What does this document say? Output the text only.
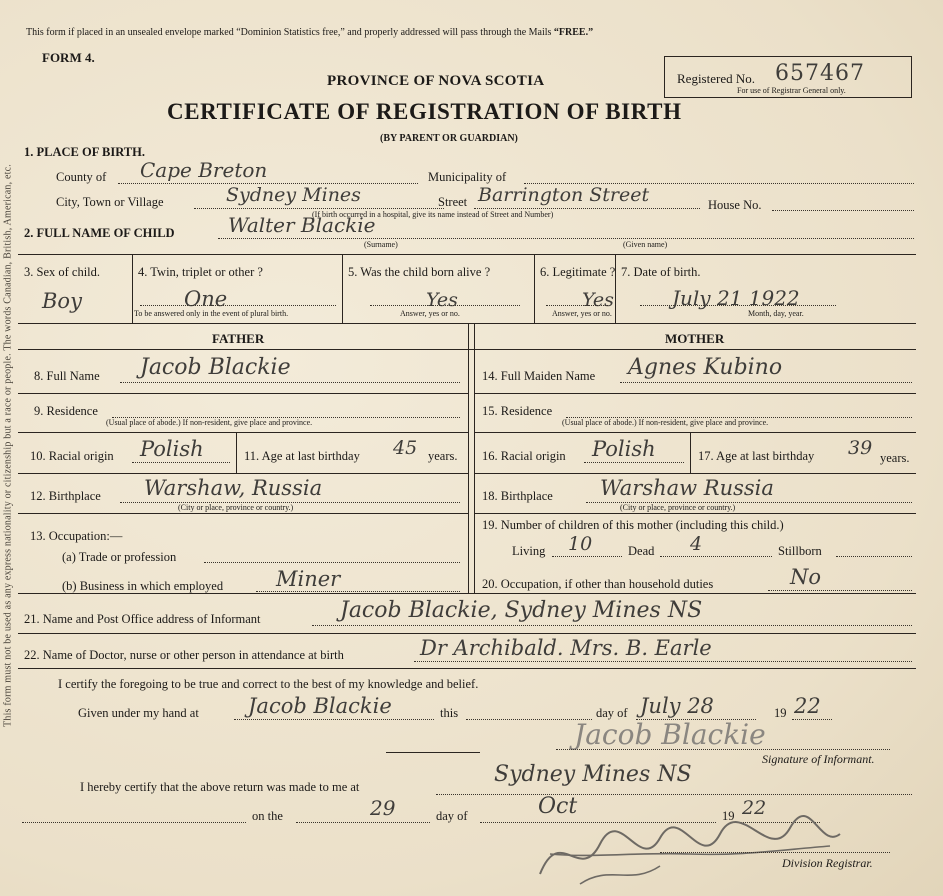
This form must not be used as any express nationality or citizenship but a race or people. The words Canadian, British, American, etc.
This form if placed in an unsealed envelope marked “Dominion Statistics free,” and properly addressed will pass through the Mails “FREE.”
FORM 4.
PROVINCE OF NOVA SCOTIA
CERTIFICATE OF REGISTRATION OF BIRTH
(BY PARENT OR GUARDIAN)
Registered No. 657467
For use of Registrar General only.
1. PLACE OF BIRTH.
County of Cape Breton	Municipality of
City, Town or Village	Sydney Mines	Street Barrington Street	House No.
(If birth occurred in a hospital, give its name instead of Street and Number)
2. FULL NAME OF CHILD	Walter Blackie
(Surname)	(Given name)
3. Sex of child.
Boy
4. Twin, triplet or other ?
One
To be answered only in the event of plural birth.
5. Was the child born alive ?
Yes
Answer, yes or no.
6. Legitimate ?
Yes
Answer, yes or no.
7. Date of birth.
July 21 1922
Month, day, year.
FATHER	MOTHER
8. Full Name Jacob Blackie
9. Residence
(Usual place of abode.) If non-resident, give place and province.
10. Racial origin Polish	11. Age at last birthday 45 years.
12. Birthplace Warshaw, Russia
(City or place, province or country.)
13. Occupation:—
(a) Trade or profession
(b) Business in which employed	Miner
14. Full Maiden Name Agnes Kubino
15. Residence
(Usual place of abode.) If non-resident, give place and province.
16. Racial origin Polish	17. Age at last birthday 39 years.
18. Birthplace Warshaw Russia
(City or place, province or country.)
19. Number of children of this mother (including this child.)
Living 10	Dead 4	Stillborn
20. Occupation, if other than household duties	No
21. Name and Post Office address of Informant	Jacob Blackie, Sydney Mines NS
22. Name of Doctor, nurse or other person in attendance at birth	Dr Archibald. Mrs. B. Earle
I certify the foregoing to be true and correct to the best of my knowledge and belief.
Given under my hand at Jacob Blackie	this	day of July 28	19 22
Jacob Blackie
Signature of Informant.
I hereby certify that the above return was made to me at	Sydney Mines NS
on the	29	day of	Oct	19 22
Division Registrar.
